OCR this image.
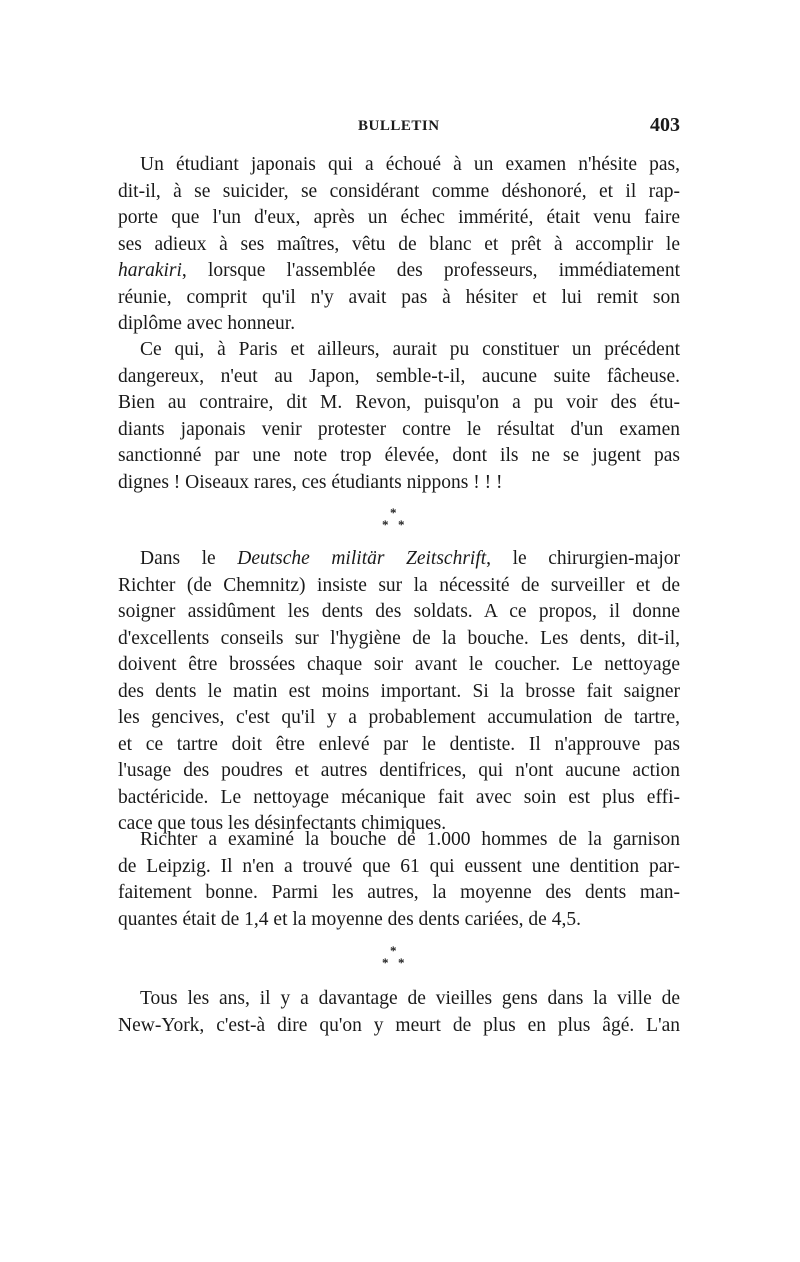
BULLETIN	403

Un étudiant japonais qui a échoué à un examen n'hésite pas,
dit-il, à se suicider, se considérant comme déshonoré, et il rap-
porte que l'un d'eux, après un échec immérité, était venu faire
ses adieux à ses maîtres, vêtu de blanc et prêt à accomplir le
harakiri, lorsque l'assemblée des professeurs, immédiatement
réunie, comprit qu'il n'y avait pas à hésiter et lui remit son
diplôme avec honneur.

Ce qui, à Paris et ailleurs, aurait pu constituer un précédent
dangereux, n'eut au Japon, semble-t-il, aucune suite fâcheuse.
Bien au contraire, dit M. Revon, puisqu'on a pu voir des étu-
diants japonais venir protester contre le résultat d'un examen
sanctionné par une note trop élevée, dont ils ne se jugent pas
dignes ! Oiseaux rares, ces étudiants nippons ! ! !

*
* *

Dans le Deutsche militär Zeitschrift, le chirurgien-major
Richter (de Chemnitz) insiste sur la nécessité de surveiller et de
soigner assidûment les dents des soldats. A ce propos, il donne
d'excellents conseils sur l'hygiène de la bouche. Les dents, dit-il,
doivent être brossées chaque soir avant le coucher. Le nettoyage
des dents le matin est moins important. Si la brosse fait saigner
les gencives, c'est qu'il y a probablement accumulation de tartre,
et ce tartre doit être enlevé par le dentiste. Il n'approuve pas
l'usage des poudres et autres dentifrices, qui n'ont aucune action
bactéricide. Le nettoyage mécanique fait avec soin est plus effi-
cace que tous les désinfectants chimiques.

Richter a examiné la bouche de 1.000 hommes de la garnison
de Leipzig. Il n'en a trouvé que 61 qui eussent une dentition par-
faitement bonne. Parmi les autres, la moyenne des dents man-
quantes était de 1,4 et la moyenne des dents cariées, de 4,5.

*
* *

Tous les ans, il y a davantage de vieilles gens dans la ville de
New-York, c'est-à dire qu'on y meurt de plus en plus âgé. L'an
